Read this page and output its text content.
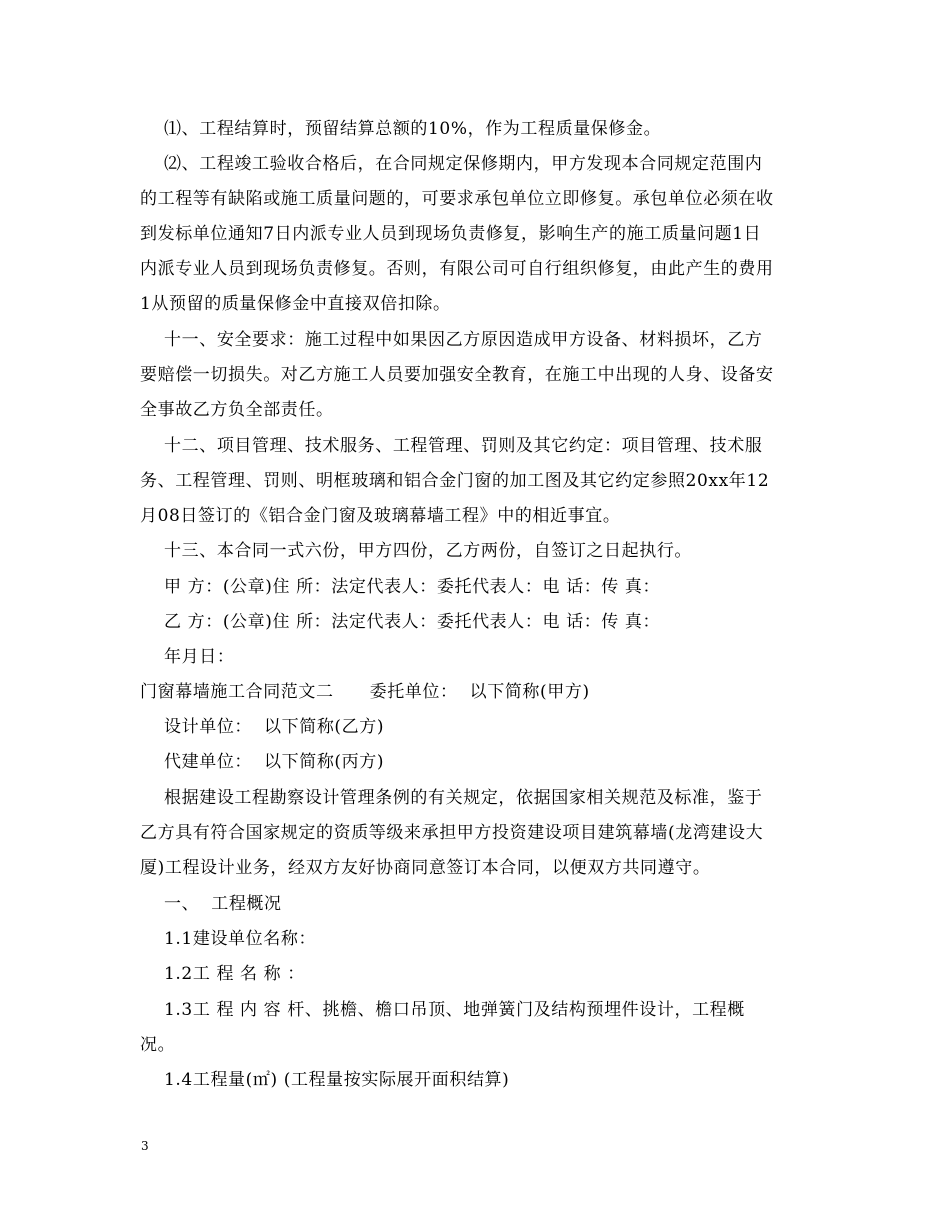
⑴、工程结算时，预留结算总额的10%，作为工程质量保修金。
⑵、工程竣工验收合格后，在合同规定保修期内，甲方发现本合同规定范围内
的工程等有缺陷或施工质量问题的，可要求承包单位立即修复。承包单位必须在收
到发标单位通知7日内派专业人员到现场负责修复，影响生产的施工质量问题1日
内派专业人员到现场负责修复。否则，有限公司可自行组织修复，由此产生的费用
1从预留的质量保修金中直接双倍扣除。
十一、安全要求：施工过程中如果因乙方原因造成甲方设备、材料损坏，乙方
要赔偿一切损失。对乙方施工人员要加强安全教育，在施工中出现的人身、设备安
全事故乙方负全部责任。
十二、项目管理、技术服务、工程管理、罚则及其它约定：项目管理、技术服
务、工程管理、罚则、明框玻璃和铝合金门窗的加工图及其它约定参照20xx年12
月08日签订的《铝合金门窗及玻璃幕墙工程》中的相近事宜。
十三、本合同一式六份，甲方四份，乙方两份，自签订之日起执行。
甲 方：(公章)住 所：法定代表人：委托代表人：电 话：传 真：
乙 方：(公章)住 所：法定代表人：委托代表人：电 话：传 真：
年月日：
门窗幕墙施工合同范文二      委托单位：  以下简称(甲方)
设计单位：  以下简称(乙方)
代建单位：  以下简称(丙方)
根据建设工程勘察设计管理条例的有关规定，依据国家相关规范及标准，鉴于
乙方具有符合国家规定的资质等级来承担甲方投资建设项目建筑幕墙(龙湾建设大
厦)工程设计业务，经双方友好协商同意签订本合同，以便双方共同遵守。
一、  工程概况
1.1建设单位名称：
1.2工 程 名 称 ：
1.3工 程 内 容 杆、挑檐、檐口吊顶、地弹簧门及结构预埋件设计，工程概
况。
1.4工程量(㎡) (工程量按实际展开面积结算)
3
